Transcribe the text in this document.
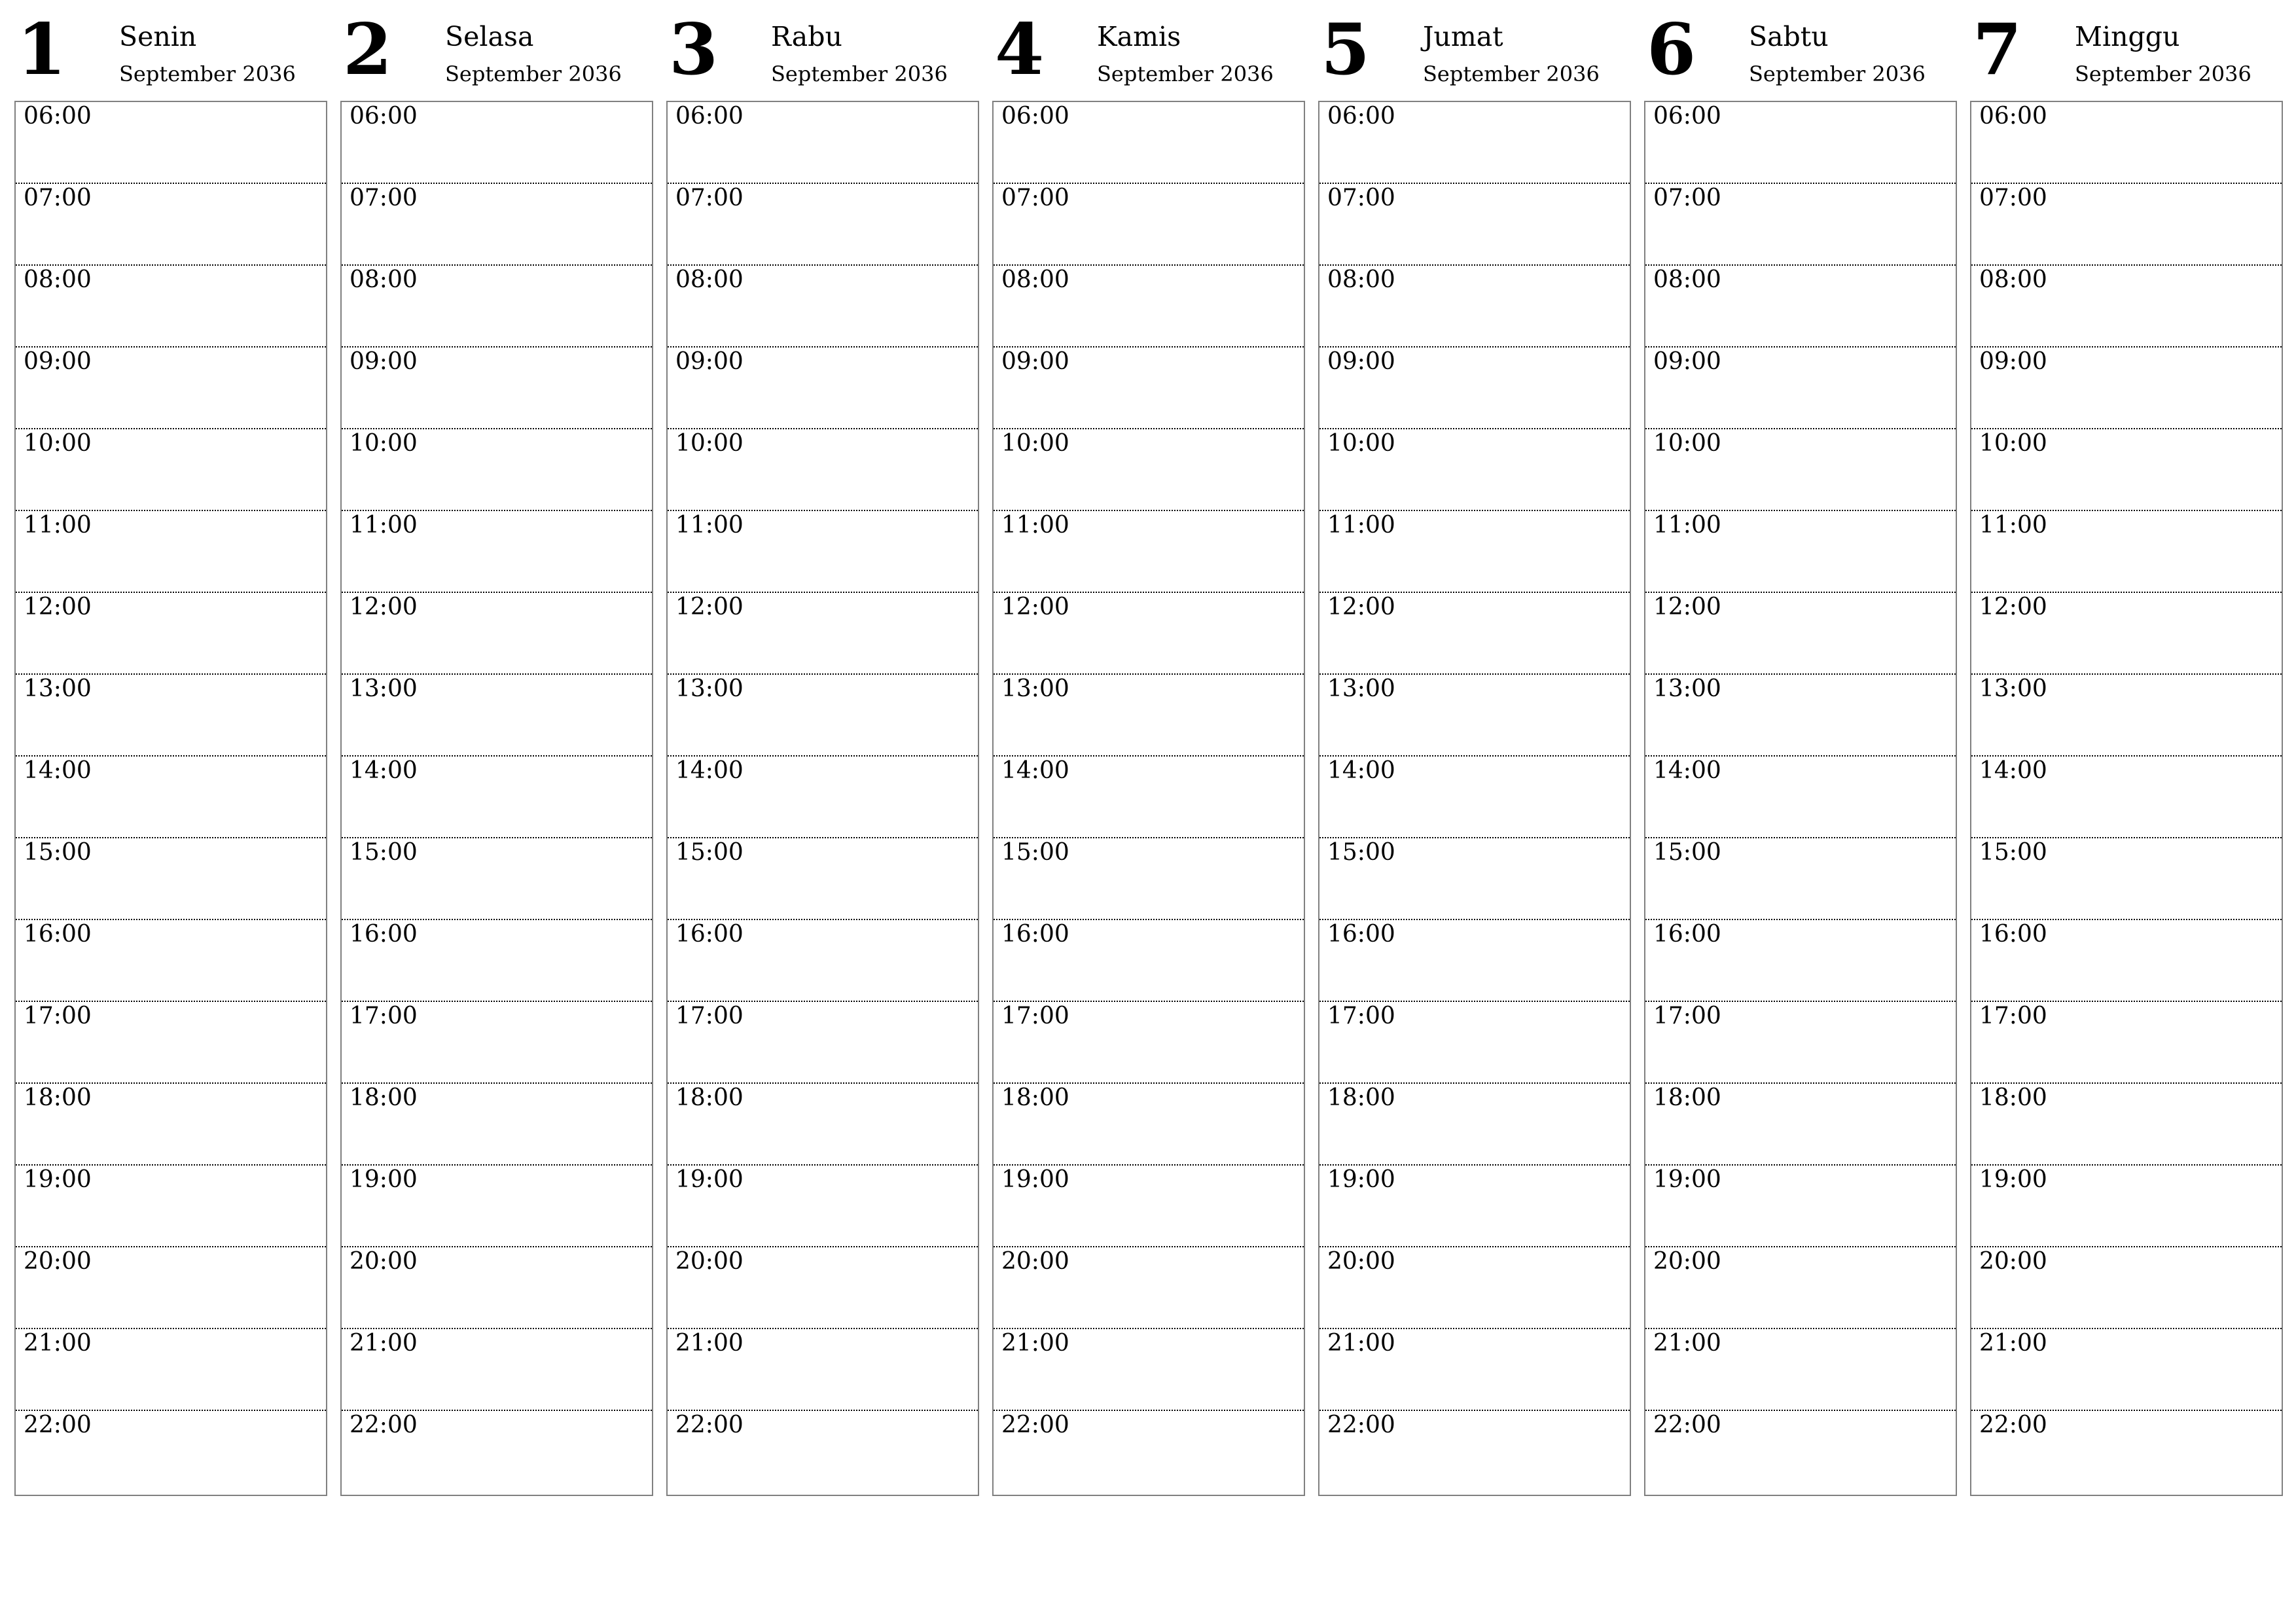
1 Senin
September 2036
06:00
07:00
08:00
09:00
10:00
11:00
12:00
13:00
14:00
15:00
16:00
17:00
18:00
19:00
20:00
21:00
22:00
2 Selasa
September 2036
06:00
07:00
08:00
09:00
10:00
11:00
12:00
13:00
14:00
15:00
16:00
17:00
18:00
19:00
20:00
21:00
22:00
3 Rabu
September 2036
06:00
07:00
08:00
09:00
10:00
11:00
12:00
13:00
14:00
15:00
16:00
17:00
18:00
19:00
20:00
21:00
22:00
4 Kamis
September 2036
06:00
07:00
08:00
09:00
10:00
11:00
12:00
13:00
14:00
15:00
16:00
17:00
18:00
19:00
20:00
21:00
22:00
5 Jumat
September 2036
06:00
07:00
08:00
09:00
10:00
11:00
12:00
13:00
14:00
15:00
16:00
17:00
18:00
19:00
20:00
21:00
22:00
6 Sabtu
September 2036
06:00
07:00
08:00
09:00
10:00
11:00
12:00
13:00
14:00
15:00
16:00
17:00
18:00
19:00
20:00
21:00
22:00
7 Minggu
September 2036
06:00
07:00
08:00
09:00
10:00
11:00
12:00
13:00
14:00
15:00
16:00
17:00
18:00
19:00
20:00
21:00
22:00
